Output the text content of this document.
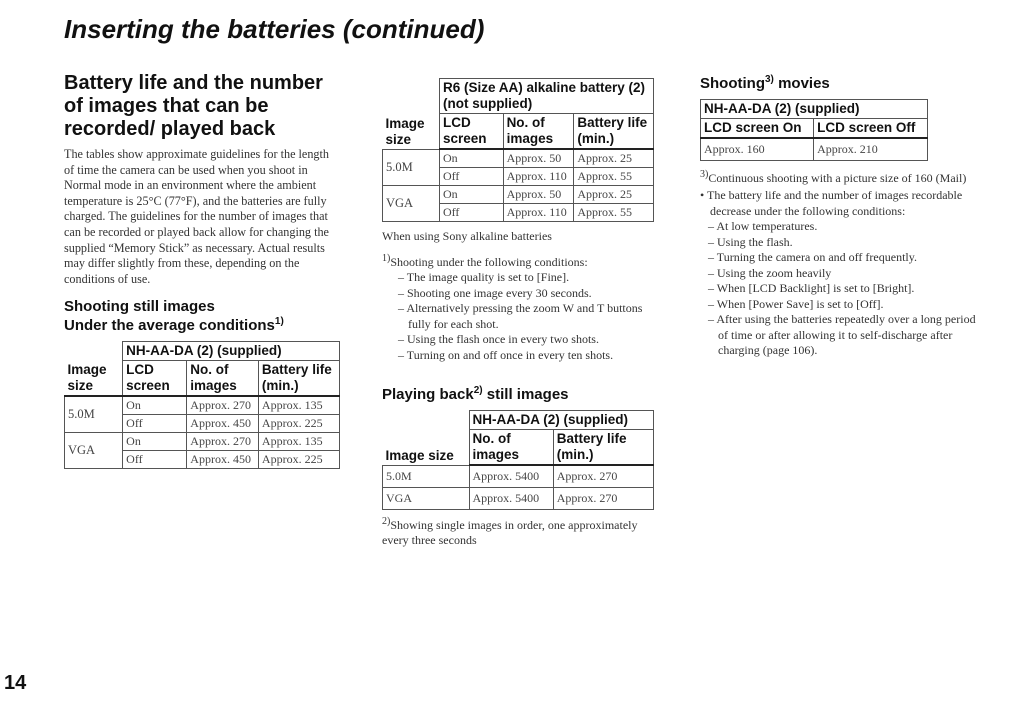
Inserting the batteries (continued)
Battery life and the number of images that can be recorded/ played back

The tables show approximate guidelines for the length of time the camera can be used when you shoot in Normal mode in an environment where the ambient temperature is 25°C (77°F), and the batteries are fully charged. The guidelines for the number of images that can be recorded or played back allow for changing the supplied “Memory Stick” as necessary. Actual results may differ slightly from these, depending on the conditions of use.

Shooting still images
Under the average conditions$^{1)}$
Image size	NH-AA-DA (2) (supplied)		
	LCD screen	No. of images	Battery life (min.)
5.0M	On	Approx. 270	Approx. 135
	Off	Approx. 450	Approx. 225
VGA	On	Approx. 270	Approx. 135
	Off	Approx. 450	Approx. 225
Image size	R6 (Size AA) alkaline battery (2) (not supplied)		
	LCD screen	No. of images	Battery life (min.)
5.0M	On	Approx. 50	Approx. 25
	Off	Approx. 110	Approx. 55
VGA	On	Approx. 50	Approx. 25
	Off	Approx. 110	Approx. 55

When using Sony alkaline batteries

$^{1)}$Shooting under the following conditions:

– The image quality is set to [Fine].
– Shooting one image every 30 seconds.
– Alternatively pressing the zoom W and T buttons fully for each shot.
– Using the flash once in every two shots.
– Turning on and off once in every ten shots.
Playing back$^{2)}$ still images
Image size	NH-AA-DA (2) (supplied)	
	No. of images	Battery life (min.)
5.0M	Approx. 5400	Approx. 270
VGA	Approx. 5400	Approx. 270

$^{2)}$Showing single images in order, one approximately every three seconds

Shooting$^{3)}$ movies
NH-AA-DA (2) (supplied)	
LCD screen On	LCD screen Off
Approx. 160	Approx. 210

$^{3)}$Continuous shooting with a picture size of 160 (Mail)

• The battery life and the number of images recordable decrease under the following conditions:
– At low temperatures.
– Using the flash.
– Turning the camera on and off frequently.
– Using the zoom heavily
– When [LCD Backlight] is set to [Bright].
– When [Power Save] is set to [Off].
– After using the batteries repeatedly over a long period of time or after allowing it to self-discharge after charging (page 106).
14
